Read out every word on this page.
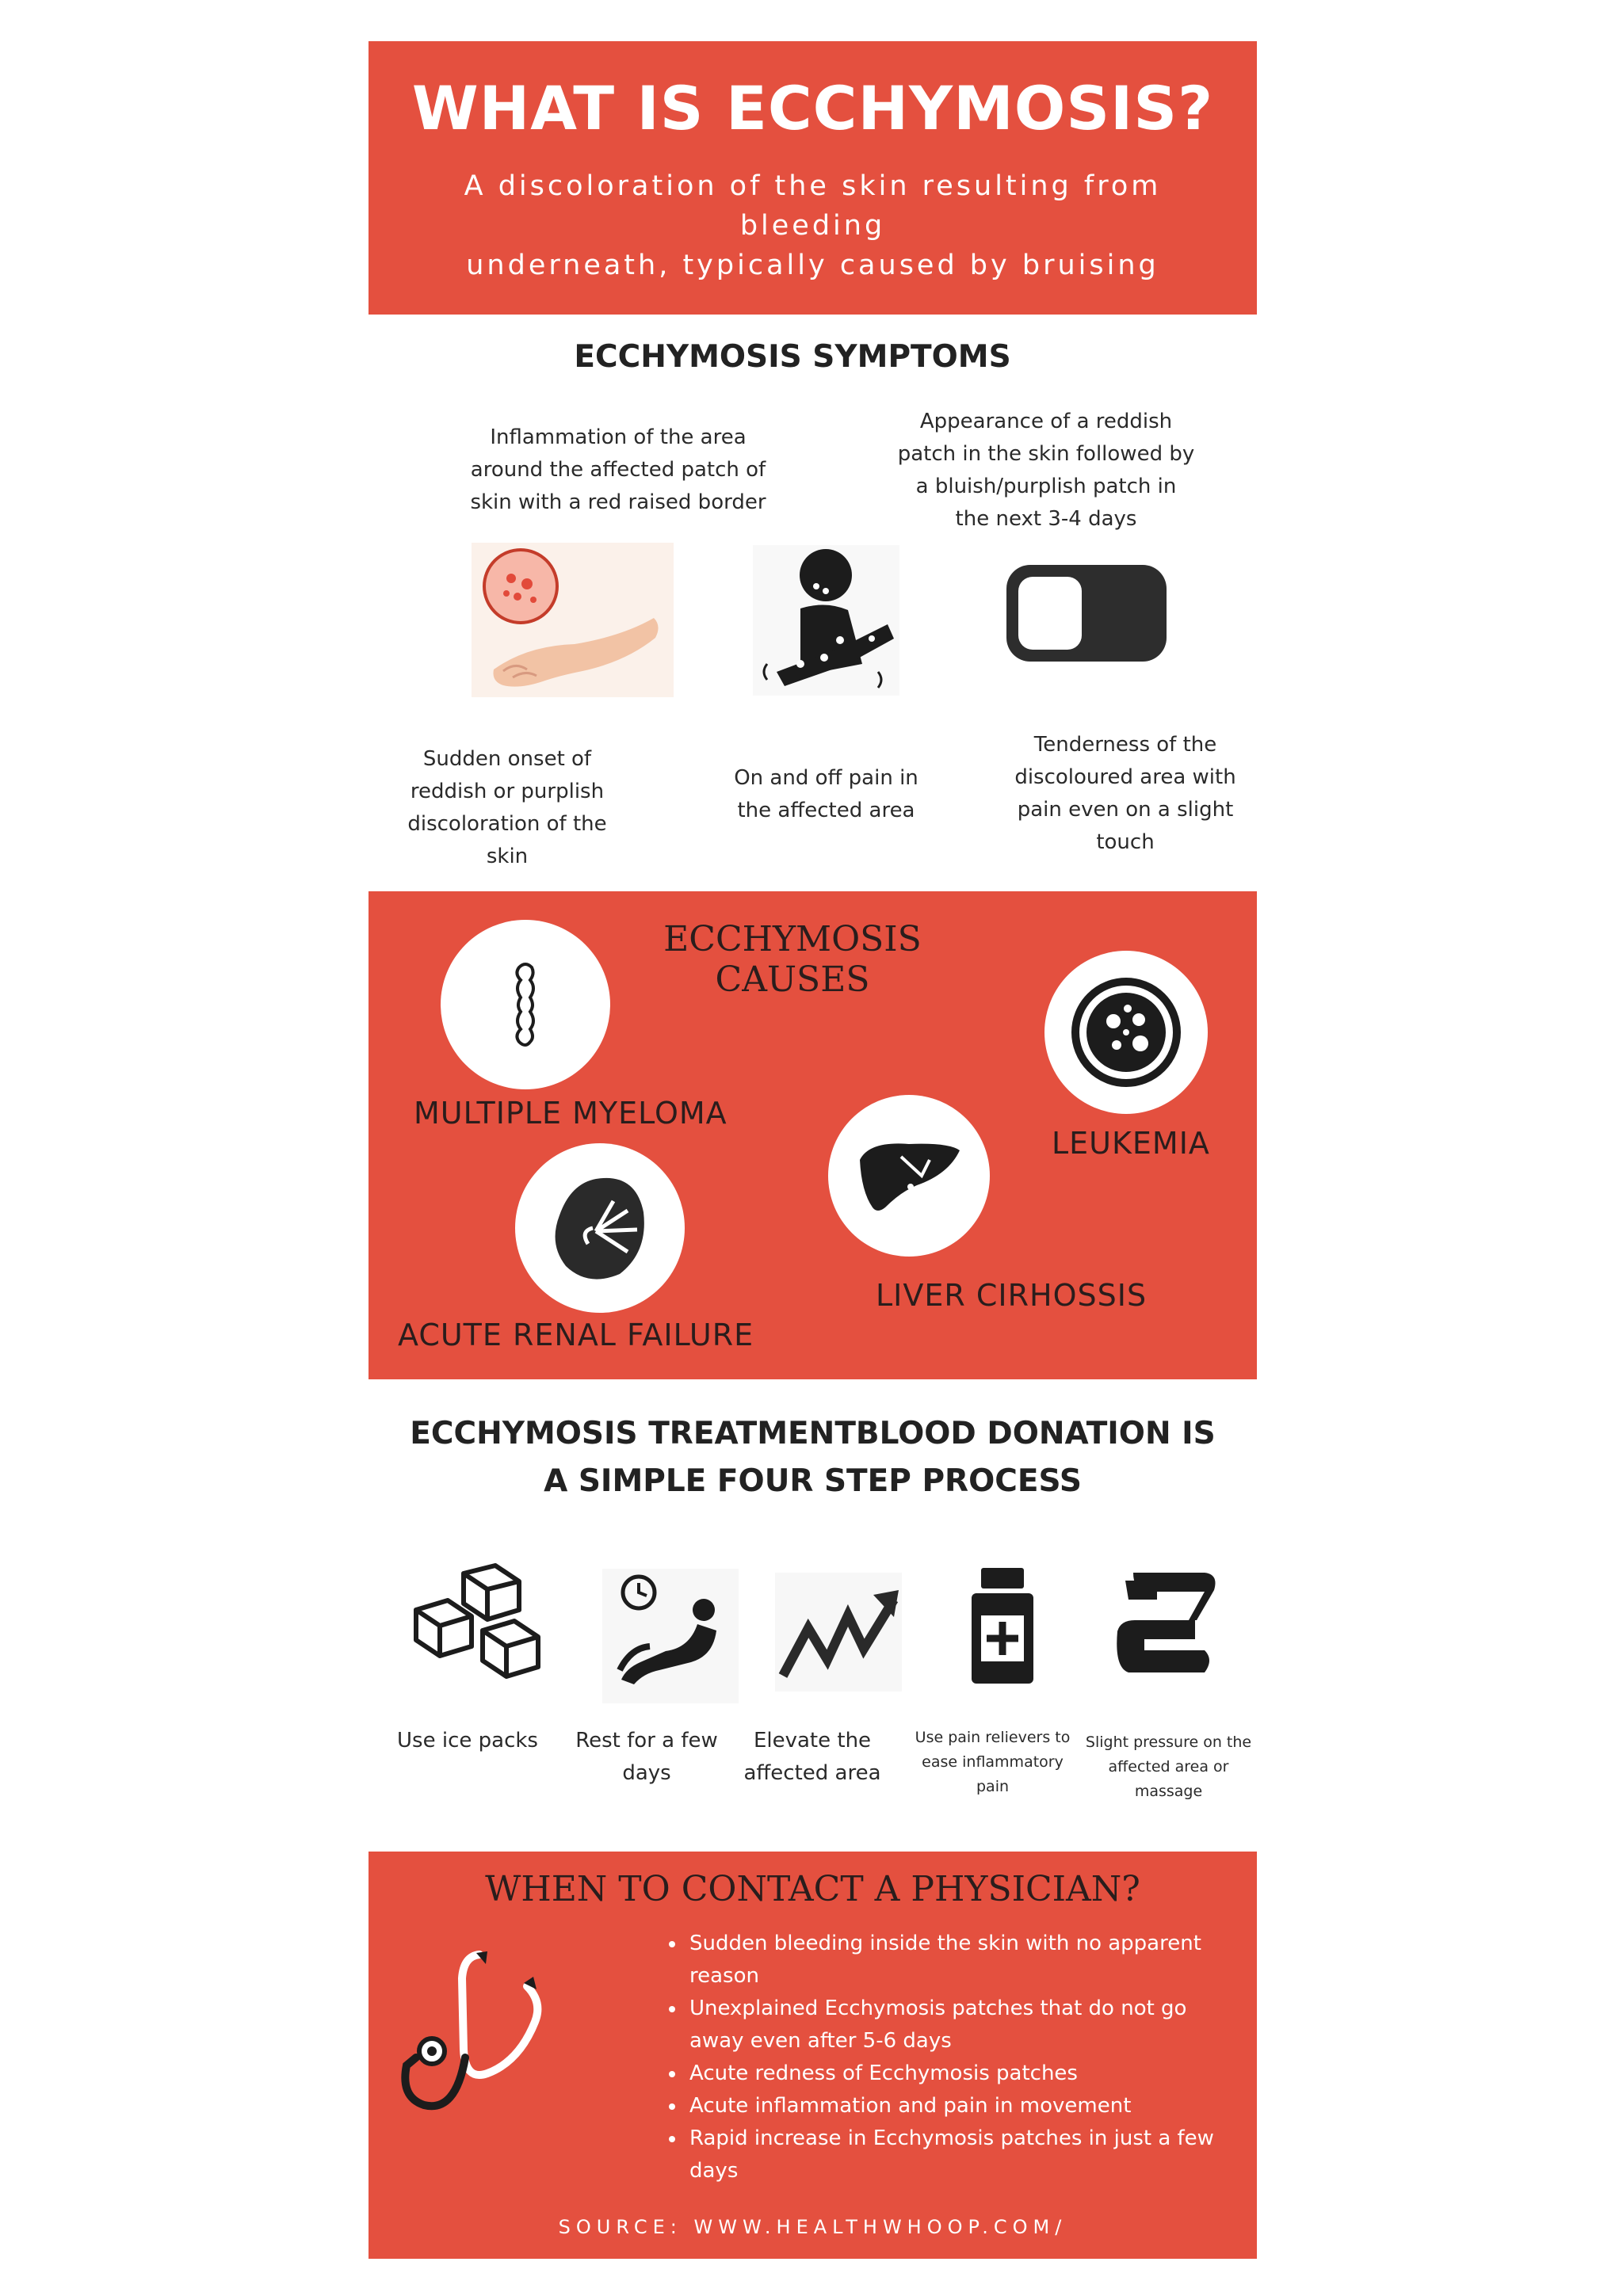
WHAT IS ECCHYMOSIS?
A discoloration of the skin resulting from bleeding
underneath, typically caused by bruising
ECCHYMOSIS SYMPTOMS
Inflammation of the area
around the affected patch of
skin with a red raised border
Appearance of a reddish
patch in the skin followed by
a bluish/purplish patch in
the next 3-4 days
Sudden onset of
reddish or purplish
discoloration of the
skin
On and off pain in
the affected area
Tenderness of the
discoloured area with
pain even on a slight
touch
ECCHYMOSIS CAUSES
MULTIPLE MYELOMA
LEUKEMIA
ACUTE RENAL FAILURE
LIVER CIRHOSSIS
ECCHYMOSIS TREATMENTBLOOD DONATION IS
A SIMPLE FOUR STEP PROCESS
Use ice packs	Rest for a few
days
Elevate the
affected area
Use pain relievers to
ease inflammatory
pain
Slight pressure on the
affected area or
massage
WHEN TO CONTACT A PHYSICIAN?
Sudden bleeding inside the skin with no apparent reason
Unexplained Ecchymosis patches that do not go away even after 5-6 days
Acute redness of Ecchymosis patches
Acute inflammation and pain in movement
Rapid increase in Ecchymosis patches in just a few days
SOURCE: WWW.HEALTHWHOOP.COM/
